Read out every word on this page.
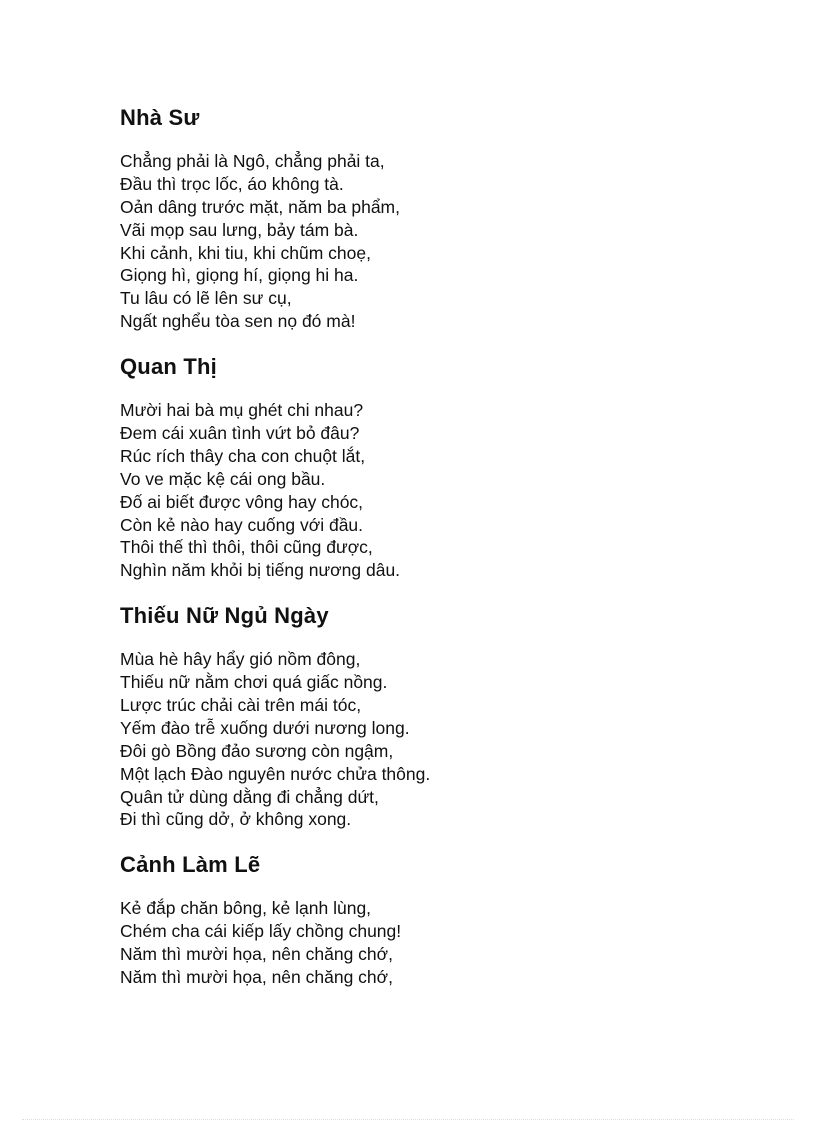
Nhà Sư
Chẳng phải là Ngô, chẳng phải ta,
Đầu thì trọc lốc, áo không tà.
Oản dâng trước mặt, năm ba phẩm,
Vãi mọp sau lưng, bảy tám bà.
Khi cảnh, khi tiu, khi chũm choẹ,
Giọng hì, giọng hí, giọng hi ha.
Tu lâu có lẽ lên sư cụ,
Ngất nghểu tòa sen nọ đó mà!
Quan Thị
Mười hai bà mụ ghét chi nhau?
Đem cái xuân tình vứt bỏ đâu?
Rúc rích thây cha con chuột lắt,
Vo ve mặc kệ cái ong bầu.
Đố ai biết được vông hay chóc,
Còn kẻ nào hay cuống với đầu.
Thôi thế thì thôi, thôi cũng được,
Nghìn năm khỏi bị tiếng nương dâu.
Thiếu Nữ Ngủ Ngày
Mùa hè hây hẩy gió nồm đông,
Thiếu nữ nằm chơi quá giấc nồng.
Lược trúc chải cài trên mái tóc,
Yếm đào trễ xuống dưới nương long.
Đôi gò Bồng đảo sương còn ngậm,
Một lạch Đào nguyên nước chửa thông.
Quân tử dùng dằng đi chẳng dứt,
Đi thì cũng dở, ở không xong.
Cảnh Làm Lẽ
Kẻ đắp chăn bông, kẻ lạnh lùng,
Chém cha cái kiếp lấy chồng chung!
Năm thì mười họa, nên chăng chớ,
Năm thì mười họa, nên chăng chớ,
